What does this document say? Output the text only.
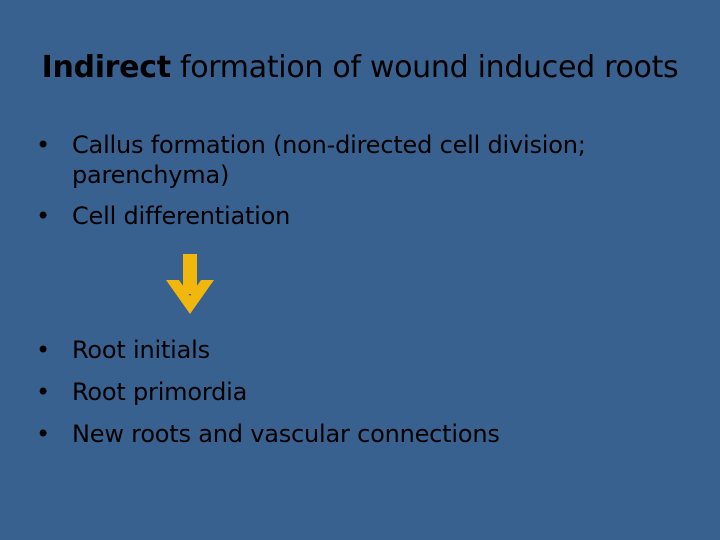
Indirect formation of wound induced roots
• Callus formation (non-directed cell division; parenchyma)
• Cell differentiation
• Root initials
• Root primordia
• New roots and vascular connections
